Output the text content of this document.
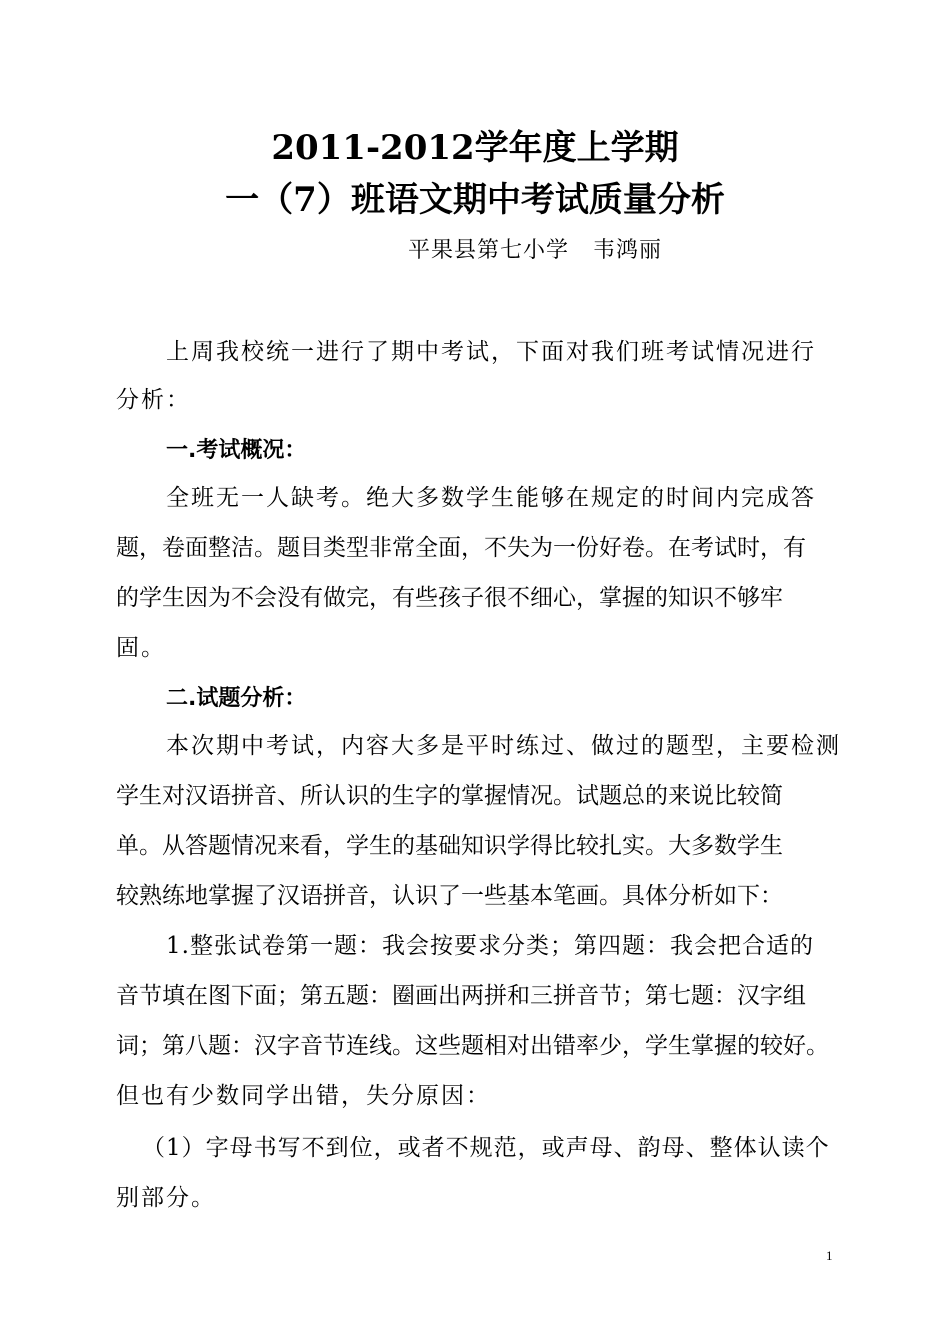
2011-2012学年度上学期
一（7）班语文期中考试质量分析
平果县第七小学   韦鸿丽
上周我校统一进行了期中考试，下面对我们班考试情况进行
分析：
一.考试概况：
全班无一人缺考。绝大多数学生能够在规定的时间内完成答
题，卷面整洁。题目类型非常全面，不失为一份好卷。在考试时，有
的学生因为不会没有做完，有些孩子很不细心，掌握的知识不够牢
固。
二.试题分析：
本次期中考试，内容大多是平时练过、做过的题型，主要检测
学生对汉语拼音、所认识的生字的掌握情况。试题总的来说比较简
单。从答题情况来看，学生的基础知识学得比较扎实。大多数学生
较熟练地掌握了汉语拼音，认识了一些基本笔画。具体分析如下：
1.整张试卷第一题：我会按要求分类；第四题：我会把合适的
音节填在图下面；第五题：圈画出两拼和三拼音节；第七题：汉字组
词；第八题：汉字音节连线。这些题相对出错率少，学生掌握的较好。
但也有少数同学出错，失分原因：
（1）字母书写不到位，或者不规范，或声母、韵母、整体认读个
别部分。
1
